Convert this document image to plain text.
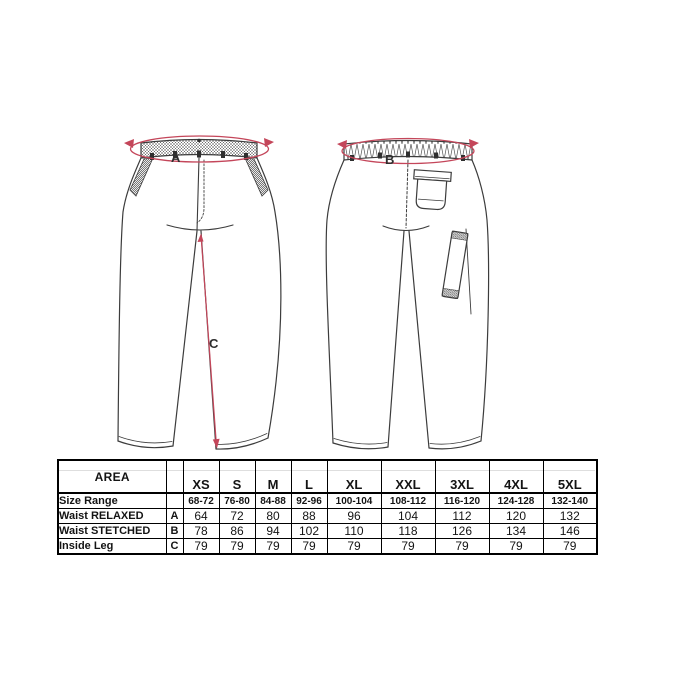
A	B
C
AREA		XS	S	M	L	XL	XXL	3XL	4XL	5XL
Size Range		68-72	76-80	84-88	92-96	100-104	108-112	116-120	124-128	132-140
Waist RELAXED	A	64	72	80	88	96	104	112	120	132
Waist STETCHED	B	78	86	94	102	110	118	126	134	146
Inside Leg	C	79	79	79	79	79	79	79	79	79
